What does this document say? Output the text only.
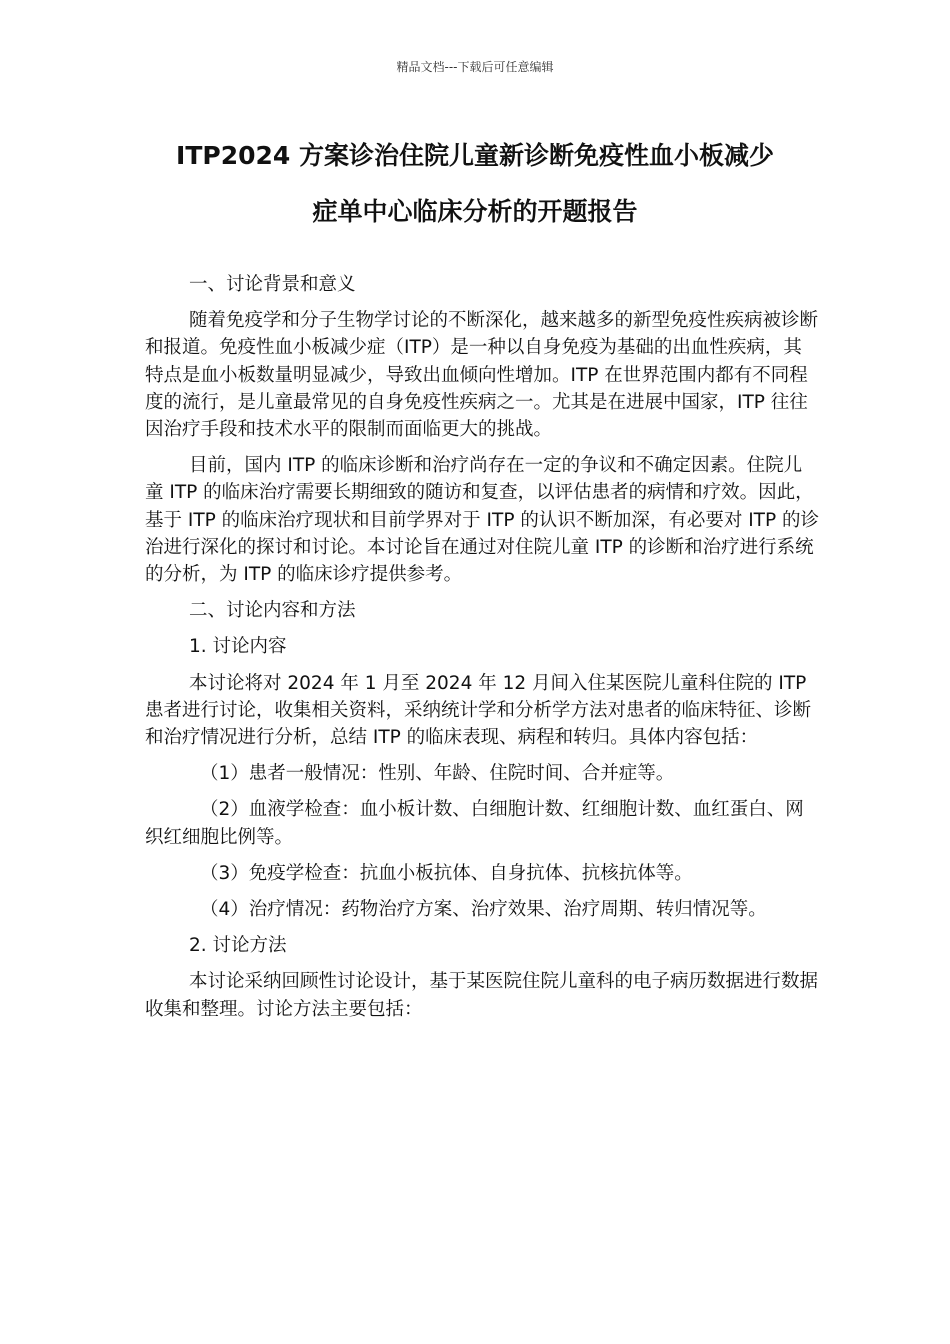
精品文档---下载后可任意编辑
ITP2024 方案诊治住院儿童新诊断免疫性血小板减少
症单中心临床分析的开题报告

一、讨论背景和意义

随着免疫学和分子生物学讨论的不断深化，越来越多的新型免疫性疾病被诊断和报道。免疫性血小板减少症（ITP）是一种以自身免疫为基础的出血性疾病，其特点是血小板数量明显减少，导致出血倾向性增加。ITP 在世界范围内都有不同程度的流行，是儿童最常见的自身免疫性疾病之一。尤其是在进展中国家，ITP 往往因治疗手段和技术水平的限制而面临更大的挑战。

目前，国内 ITP 的临床诊断和治疗尚存在一定的争议和不确定因素。住院儿童 ITP 的临床治疗需要长期细致的随访和复查，以评估患者的病情和疗效。因此，基于 ITP 的临床治疗现状和目前学界对于 ITP 的认识不断加深，有必要对 ITP 的诊治进行深化的探讨和讨论。本讨论旨在通过对住院儿童 ITP 的诊断和治疗进行系统的分析，为 ITP 的临床诊疗提供参考。

二、讨论内容和方法

1. 讨论内容

本讨论将对 2024 年 1 月至 2024 年 12 月间入住某医院儿童科住院的 ITP 患者进行讨论，收集相关资料，采纳统计学和分析学方法对患者的临床特征、诊断和治疗情况进行分析，总结 ITP 的临床表现、病程和转归。具体内容包括：

（1）患者一般情况：性别、年龄、住院时间、合并症等。

（2）血液学检查：血小板计数、白细胞计数、红细胞计数、血红蛋白、网织红细胞比例等。

（3）免疫学检查：抗血小板抗体、自身抗体、抗核抗体等。

（4）治疗情况：药物治疗方案、治疗效果、治疗周期、转归情况等。

2. 讨论方法

本讨论采纳回顾性讨论设计，基于某医院住院儿童科的电子病历数据进行数据收集和整理。讨论方法主要包括：
